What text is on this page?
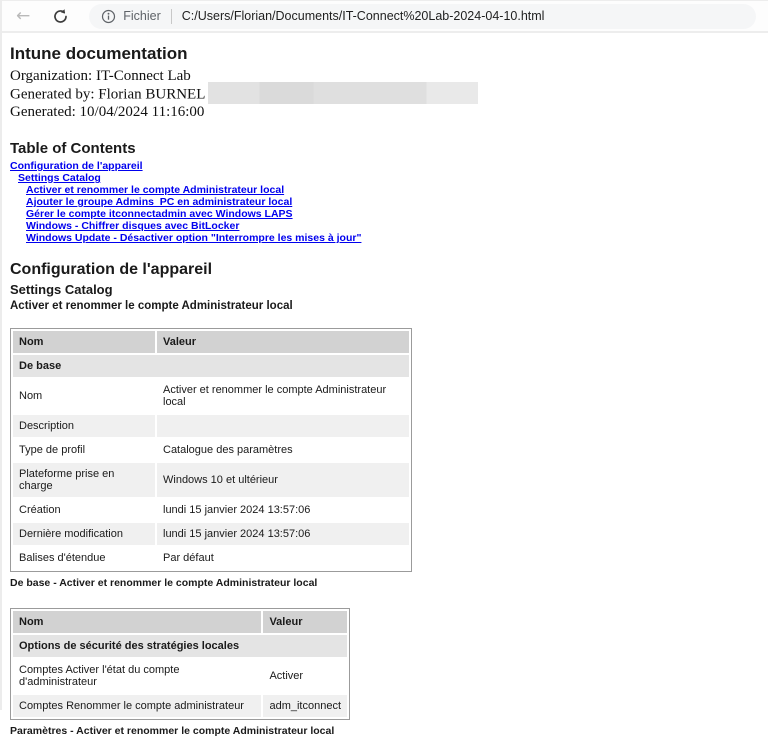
←	Fichier C:/Users/Florian/Documents/IT-Connect%20Lab-2024-04-10.html
Intune documentation
Organization: IT-Connect Lab
Generated by: Florian BURNEL
Generated: 10/04/2024 11:16:00
Table of Contents
Configuration de l'appareil
Settings Catalog
Activer et renommer le compte Administrateur local
Ajouter le groupe Admins_PC en administrateur local
Gérer le compte itconnectadmin avec Windows LAPS
Windows - Chiffrer disques avec BitLocker
Windows Update - Désactiver option "Interrompre les mises à jour"
Configuration de l'appareil
Settings Catalog
Activer et renommer le compte Administrateur local
Nom	Valeur
De base	
Nom	Activer et renommer le compte Administrateur local
Description	
Type de profil	Catalogue des paramètres
Plateforme prise en charge	Windows 10 et ultérieur
Création	lundi 15 janvier 2024 13:57:06
Dernière modification	lundi 15 janvier 2024 13:57:06
Balises d'étendue	Par défaut
De base - Activer et renommer le compte Administrateur local
Nom	Valeur
Options de sécurité des stratégies locales	
Comptes Activer l'état du compte d'administrateur	Activer
Comptes Renommer le compte administrateur	adm_itconnect
Paramètres - Activer et renommer le compte Administrateur local
